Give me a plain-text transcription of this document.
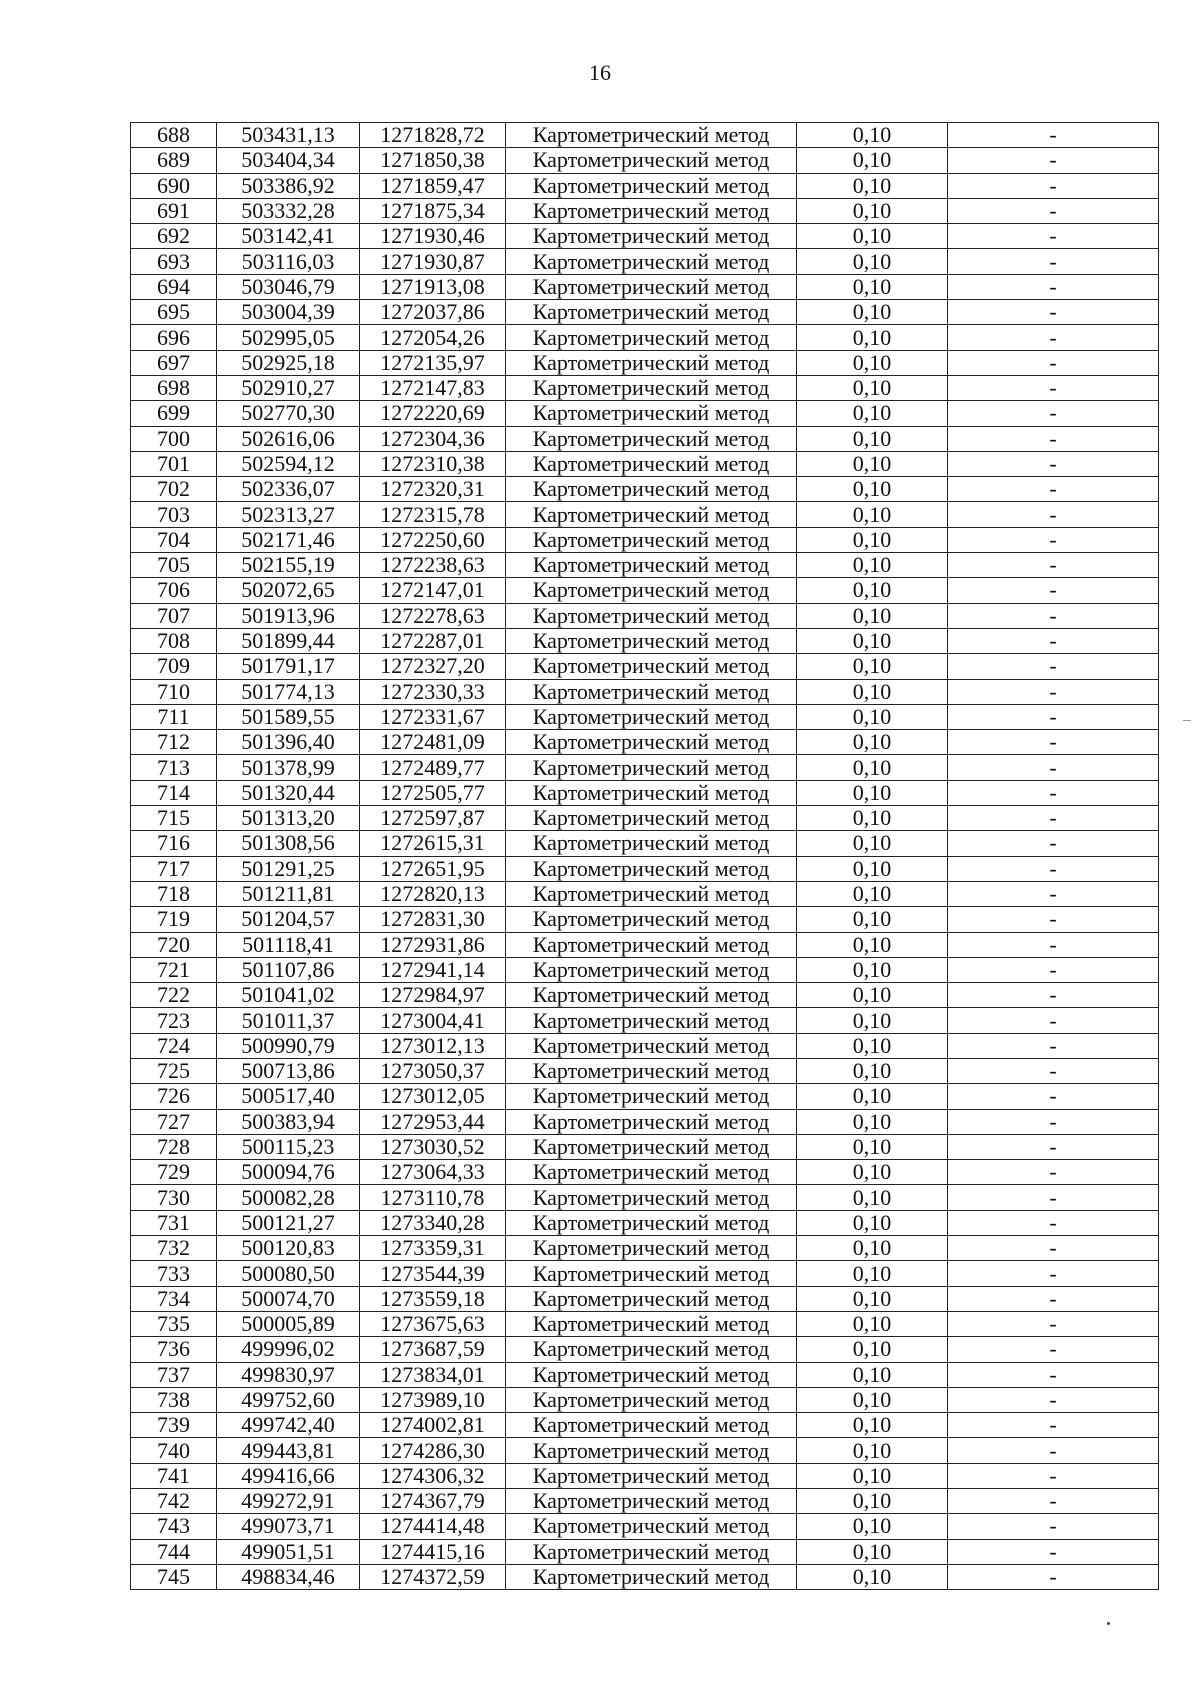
16
688	503431,13	1271828,72	Картометрический метод	0,10	-
689	503404,34	1271850,38	Картометрический метод	0,10	-
690	503386,92	1271859,47	Картометрический метод	0,10	-
691	503332,28	1271875,34	Картометрический метод	0,10	-
692	503142,41	1271930,46	Картометрический метод	0,10	-
693	503116,03	1271930,87	Картометрический метод	0,10	-
694	503046,79	1271913,08	Картометрический метод	0,10	-
695	503004,39	1272037,86	Картометрический метод	0,10	-
696	502995,05	1272054,26	Картометрический метод	0,10	-
697	502925,18	1272135,97	Картометрический метод	0,10	-
698	502910,27	1272147,83	Картометрический метод	0,10	-
699	502770,30	1272220,69	Картометрический метод	0,10	-
700	502616,06	1272304,36	Картометрический метод	0,10	-
701	502594,12	1272310,38	Картометрический метод	0,10	-
702	502336,07	1272320,31	Картометрический метод	0,10	-
703	502313,27	1272315,78	Картометрический метод	0,10	-
704	502171,46	1272250,60	Картометрический метод	0,10	-
705	502155,19	1272238,63	Картометрический метод	0,10	-
706	502072,65	1272147,01	Картометрический метод	0,10	-
707	501913,96	1272278,63	Картометрический метод	0,10	-
708	501899,44	1272287,01	Картометрический метод	0,10	-
709	501791,17	1272327,20	Картометрический метод	0,10	-
710	501774,13	1272330,33	Картометрический метод	0,10	-
711	501589,55	1272331,67	Картометрический метод	0,10	-
712	501396,40	1272481,09	Картометрический метод	0,10	-
713	501378,99	1272489,77	Картометрический метод	0,10	-
714	501320,44	1272505,77	Картометрический метод	0,10	-
715	501313,20	1272597,87	Картометрический метод	0,10	-
716	501308,56	1272615,31	Картометрический метод	0,10	-
717	501291,25	1272651,95	Картометрический метод	0,10	-
718	501211,81	1272820,13	Картометрический метод	0,10	-
719	501204,57	1272831,30	Картометрический метод	0,10	-
720	501118,41	1272931,86	Картометрический метод	0,10	-
721	501107,86	1272941,14	Картометрический метод	0,10	-
722	501041,02	1272984,97	Картометрический метод	0,10	-
723	501011,37	1273004,41	Картометрический метод	0,10	-
724	500990,79	1273012,13	Картометрический метод	0,10	-
725	500713,86	1273050,37	Картометрический метод	0,10	-
726	500517,40	1273012,05	Картометрический метод	0,10	-
727	500383,94	1272953,44	Картометрический метод	0,10	-
728	500115,23	1273030,52	Картометрический метод	0,10	-
729	500094,76	1273064,33	Картометрический метод	0,10	-
730	500082,28	1273110,78	Картометрический метод	0,10	-
731	500121,27	1273340,28	Картометрический метод	0,10	-
732	500120,83	1273359,31	Картометрический метод	0,10	-
733	500080,50	1273544,39	Картометрический метод	0,10	-
734	500074,70	1273559,18	Картометрический метод	0,10	-
735	500005,89	1273675,63	Картометрический метод	0,10	-
736	499996,02	1273687,59	Картометрический метод	0,10	-
737	499830,97	1273834,01	Картометрический метод	0,10	-
738	499752,60	1273989,10	Картометрический метод	0,10	-
739	499742,40	1274002,81	Картометрический метод	0,10	-
740	499443,81	1274286,30	Картометрический метод	0,10	-
741	499416,66	1274306,32	Картометрический метод	0,10	-
742	499272,91	1274367,79	Картометрический метод	0,10	-
743	499073,71	1274414,48	Картометрический метод	0,10	-
744	499051,51	1274415,16	Картометрический метод	0,10	-
745	498834,46	1274372,59	Картометрический метод	0,10	-
